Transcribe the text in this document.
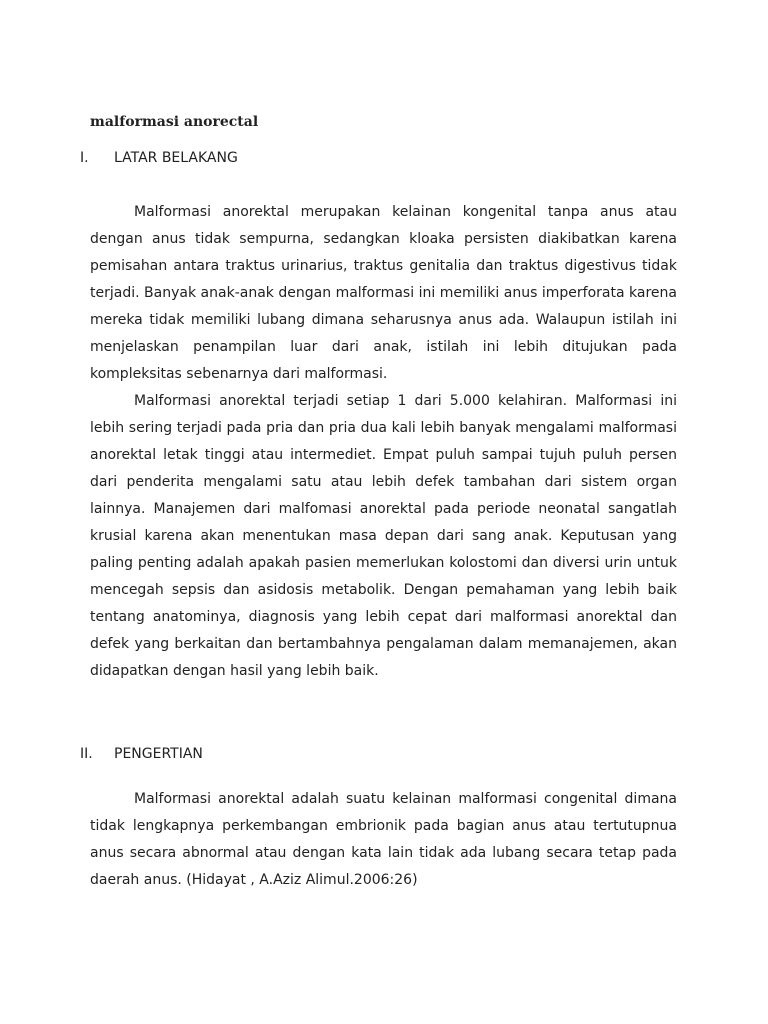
malformasi anorectal
I. LATAR BELAKANG

Malformasi anorektal merupakan kelainan kongenital tanpa anus atau dengan anus tidak sempurna, sedangkan kloaka persisten diakibatkan karena pemisahan antara traktus urinarius, traktus genitalia dan traktus digestivus tidak terjadi. Banyak anak-anak dengan malformasi ini memiliki anus imperforata karena mereka tidak memiliki lubang dimana seharusnya anus ada. Walaupun istilah ini menjelaskan penampilan luar dari anak, istilah ini lebih ditujukan pada kompleksitas sebenarnya dari malformasi.

Malformasi anorektal terjadi setiap 1 dari 5.000 kelahiran. Malformasi ini lebih sering terjadi pada pria dan pria dua kali lebih banyak mengalami malformasi anorektal letak tinggi atau intermediet. Empat puluh sampai tujuh puluh persen dari penderita mengalami satu atau lebih defek tambahan dari sistem organ lainnya. Manajemen dari malfomasi anorektal pada periode neonatal sangatlah krusial karena akan menentukan masa depan dari sang anak. Keputusan yang paling penting adalah apakah pasien memerlukan kolostomi dan diversi urin untuk mencegah sepsis dan asidosis metabolik. Dengan pemahaman yang lebih baik tentang anatominya, diagnosis yang lebih cepat dari malformasi anorektal dan defek yang berkaitan dan bertambahnya pengalaman dalam memanajemen, akan didapatkan dengan hasil yang lebih baik.

II. PENGERTIAN

Malformasi anorektal adalah suatu kelainan malformasi congenital dimana tidak lengkapnya perkembangan embrionik pada bagian anus atau tertutupnua anus secara abnormal atau dengan kata lain tidak ada lubang secara tetap pada daerah anus. (Hidayat , A.Aziz Alimul.2006:26)
